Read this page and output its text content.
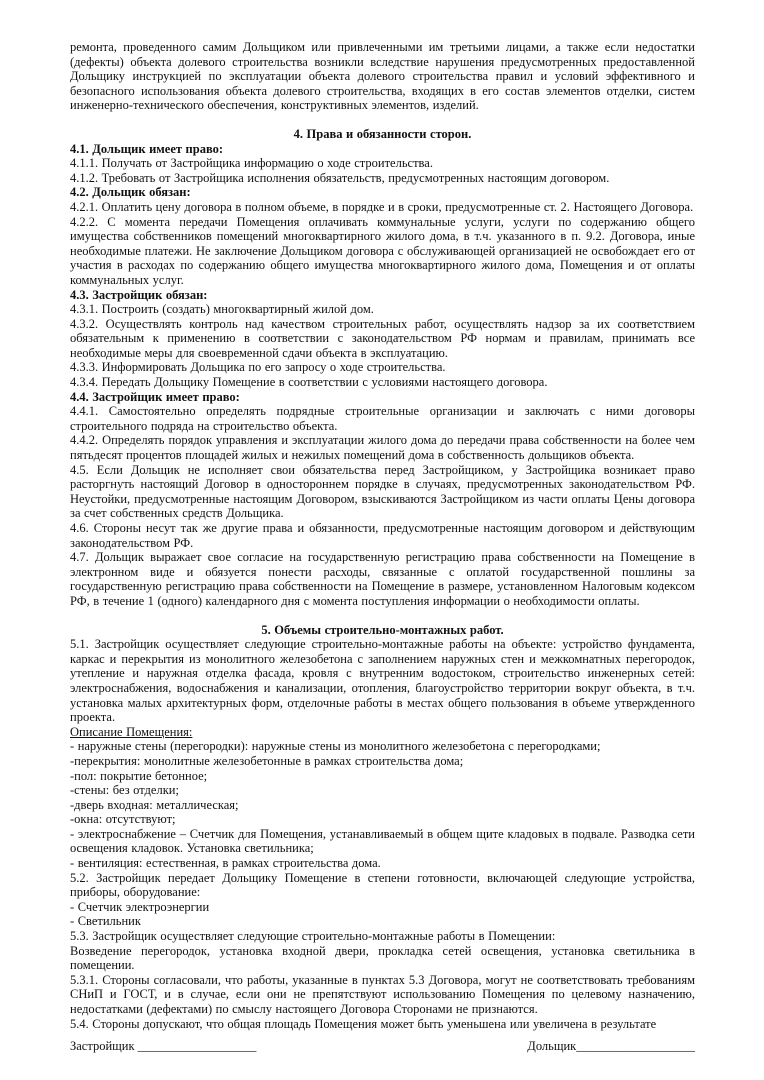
ремонта, проведенного самим Дольщиком или привлеченными им третьими лицами, а также если недостатки (дефекты) объекта долевого строительства возникли вследствие нарушения предусмотренных предоставленной Дольщику инструкцией по эксплуатации объекта долевого строительства правил и условий эффективного и безопасного использования объекта долевого строительства, входящих в его состав элементов отделки, систем инженерно-технического обеспечения, конструктивных элементов, изделий.
4. Права и обязанности сторон.
4.1. Дольщик имеет право:
4.1.1. Получать от Застройщика информацию о ходе строительства.
4.1.2. Требовать от Застройщика исполнения обязательств, предусмотренных настоящим договором.
4.2. Дольщик обязан:
4.2.1. Оплатить цену договора в полном объеме, в порядке и в сроки, предусмотренные ст. 2. Настоящего Договора.
4.2.2. С момента передачи Помещения оплачивать коммунальные услуги, услуги по содержанию общего имущества собственников помещений многоквартирного жилого дома, в т.ч. указанного в п. 9.2. Договора, иные необходимые платежи. Не заключение Дольщиком договора с обслуживающей организацией не освобождает его от участия в расходах по содержанию общего имущества многоквартирного жилого дома, Помещения и от оплаты коммунальных услуг.
4.3. Застройщик обязан:
4.3.1. Построить (создать) многоквартирный жилой дом.
4.3.2. Осуществлять контроль над качеством строительных работ, осуществлять надзор за их соответствием обязательным к применению в соответствии с законодательством РФ нормам и правилам, принимать все необходимые меры для своевременной сдачи объекта в эксплуатацию.
4.3.3. Информировать Дольщика по его запросу о ходе строительства.
4.3.4. Передать Дольщику Помещение в соответствии с условиями настоящего договора.
4.4. Застройщик имеет право:
4.4.1. Самостоятельно определять подрядные строительные организации и заключать с ними договоры строительного подряда на строительство объекта.
4.4.2. Определять порядок управления и эксплуатации жилого дома до передачи права собственности на более чем пятьдесят процентов площадей жилых и нежилых помещений дома в собственность дольщиков объекта.
4.5. Если Дольщик не исполняет свои обязательства перед Застройщиком, у Застройщика возникает право расторгнуть настоящий Договор в одностороннем порядке в случаях, предусмотренных законодательством РФ. Неустойки, предусмотренные настоящим Договором, взыскиваются Застройщиком из части оплаты Цены договора за счет собственных средств Дольщика.
4.6. Стороны несут так же другие права и обязанности, предусмотренные настоящим договором и действующим законодательством РФ.
4.7. Дольщик выражает свое согласие на государственную регистрацию права собственности на Помещение в электронном виде и обязуется понести расходы, связанные с оплатой государственной пошлины за государственную регистрацию права собственности на Помещение в размере, установленном Налоговым кодексом РФ, в течение 1 (одного) календарного дня с момента поступления информации о необходимости оплаты.
5. Объемы строительно-монтажных работ.
5.1. Застройщик осуществляет следующие строительно-монтажные работы на объекте: устройство фундамента, каркас и перекрытия из монолитного железобетона с заполнением наружных стен и межкомнатных перегородок, утепление и наружная отделка фасада, кровля с внутренним водостоком, строительство инженерных сетей: электроснабжения, водоснабжения и канализации, отопления, благоустройство территории вокруг объекта, в т.ч. установка малых архитектурных форм, отделочные работы в местах общего пользования в объеме утвержденного проекта.
Описание Помещения:
- наружные стены (перегородки): наружные стены из монолитного железобетона с перегородками;
-перекрытия: монолитные железобетонные в рамках строительства дома;
-пол: покрытие бетонное;
-стены: без отделки;
-дверь входная: металлическая;
-окна: отсутствуют;
- электроснабжение – Счетчик для Помещения, устанавливаемый в общем щите кладовых в подвале. Разводка сети освещения кладовок. Установка светильника;
- вентиляция: естественная, в рамках строительства дома.
5.2. Застройщик передает Дольщику Помещение в степени готовности, включающей следующие устройства, приборы, оборудование:
- Счетчик электроэнергии
- Светильник
5.3. Застройщик осуществляет следующие строительно-монтажные работы в Помещении:
Возведение перегородок, установка входной двери, прокладка сетей освещения, установка светильника в помещении.
5.3.1. Стороны согласовали, что работы, указанные в пунктах 5.3 Договора, могут не соответствовать требованиям СНиП и ГОСТ, и в случае, если они не препятствуют использованию Помещения по целевому назначению, недостатками (дефектами) по смыслу настоящего Договора Сторонами не признаются.
5.4. Стороны допускают, что общая площадь Помещения может быть уменьшена или увеличена в результате
Застройщик ___________________	Дольщик___________________
